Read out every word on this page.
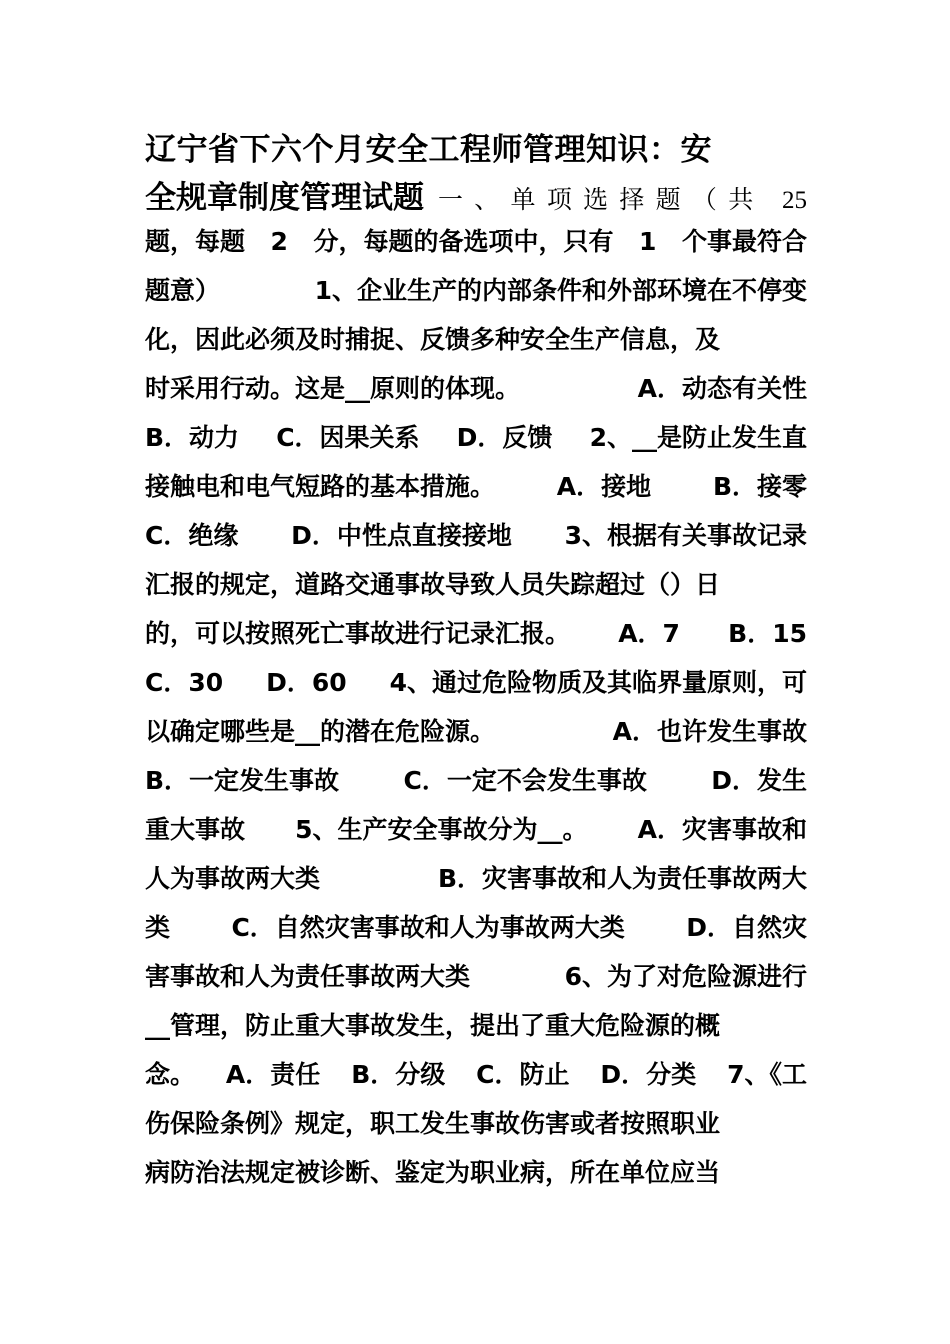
辽宁省下六个月安全工程师管理知识：安
全规章制度管理试题 一、单项选择题（共 25
题，每题 2 分，每题的备选项中，只有 1 个事最符合
题意）	1、企业生产的内部条件和外部环境在不停变
化，因此必须及时捕捉、反馈多种安全生产信息，及
时采用行动。这是__原则的体现。	A．动态有关性
B．动力 C．因果关系 D．反馈 2、__是防止发生直
接触电和电气短路的基本措施。 A．接地 B．接零
C．绝缘 D．中性点直接接地 3、根据有关事故记录
汇报的规定，道路交通事故导致人员失踪超过（）日
的，可以按照死亡事故进行记录汇报。 A．7 B．15
C．30 D．60 4、通过危险物质及其临界量原则，可
以确定哪些是__的潜在危险源。	A．也许发生事故
B．一定发生事故	C．一定不会发生事故	D．发生
重大事故 5、生产安全事故分为__。 A．灾害事故和
人为事故两大类	B．灾害事故和人为责任事故两大
类 C．自然灾害事故和人为事故两大类 D．自然灾
害事故和人为责任事故两大类	6、为了对危险源进行
__管理，防止重大事故发生，提出了重大危险源的概
念。 A．责任 B．分级 C．防止 D．分类 7、《工
伤保险条例》规定，职工发生事故伤害或者按照职业
病防治法规定被诊断、鉴定为职业病，所在单位应当
